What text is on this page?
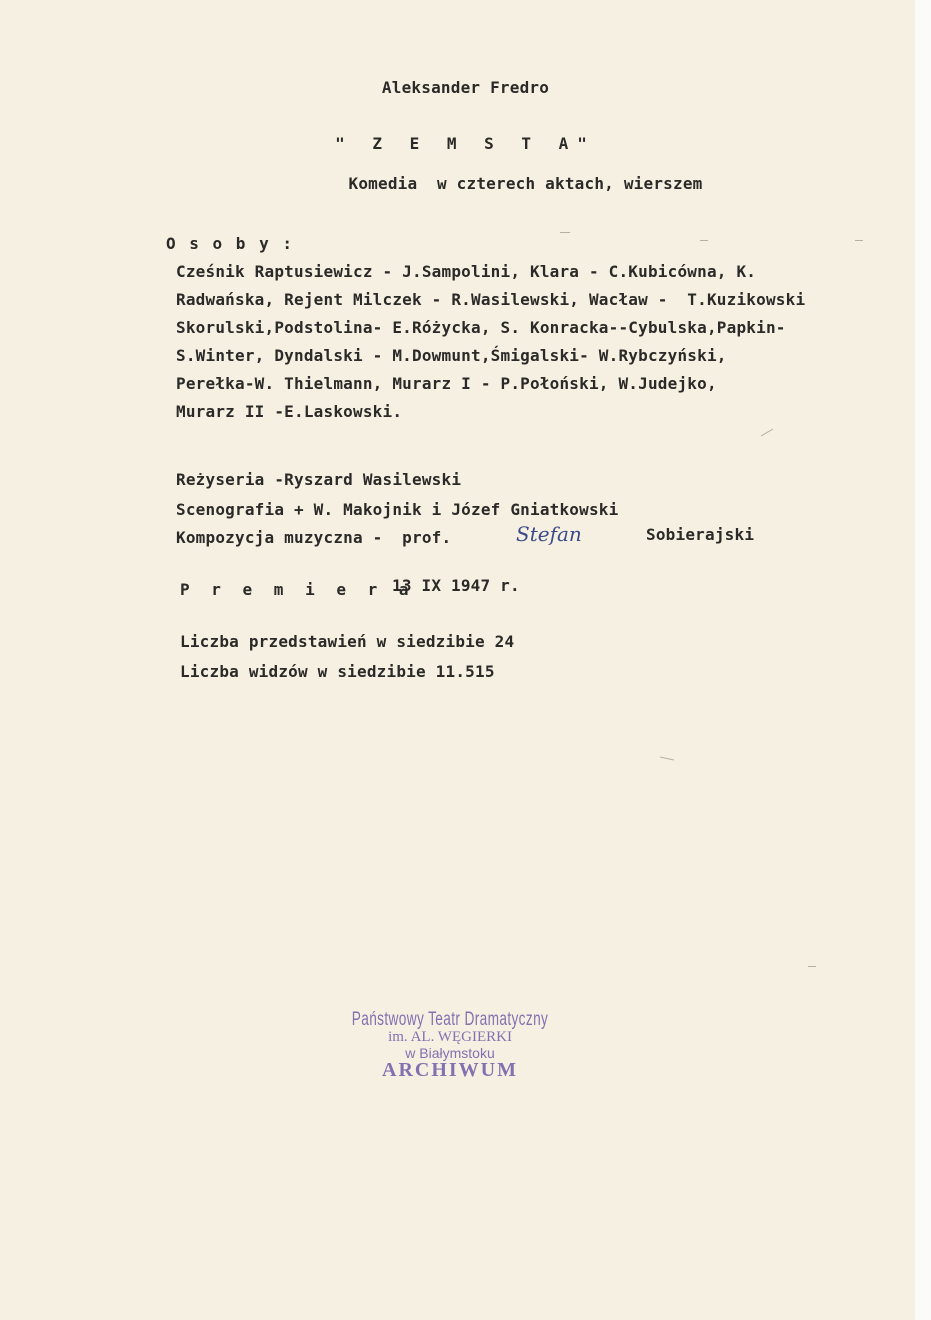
Aleksander Fredro
" Z E M S T A"
Komedia  w czterech aktach, wierszem
O s o b y :
Cześnik Raptusiewicz - J.Sampolini, Klara - C.Kubicówna, K.
Radwańska, Rejent Milczek - R.Wasilewski, Wacław -  T.Kuzikowski
Skorulski,Podstolina- E.Różycka, S. Konracka--Cybulska,Papkin-
S.Winter, Dyndalski - M.Dowmunt,Śmigalski- W.Rybczyński,
Perełka-W. Thielmann, Murarz I - P.Połoński, W.Judejko,
Murarz II -E.Laskowski.
Reżyseria -Ryszard Wasilewski
Scenografia + W. Makojnik i Józef Gniatkowski
Kompozycja muzyczna -  prof.	Stefan	Sobierajski
P r e m i e r a
13 IX 1947 r.
Liczba przedstawień w siedzibie 24
Liczba widzów w siedzibie 11.515
Państwowy Teatr Dramatyczny
im. AL. WĘGIERKI
w Białymstoku
ARCHIWUM
